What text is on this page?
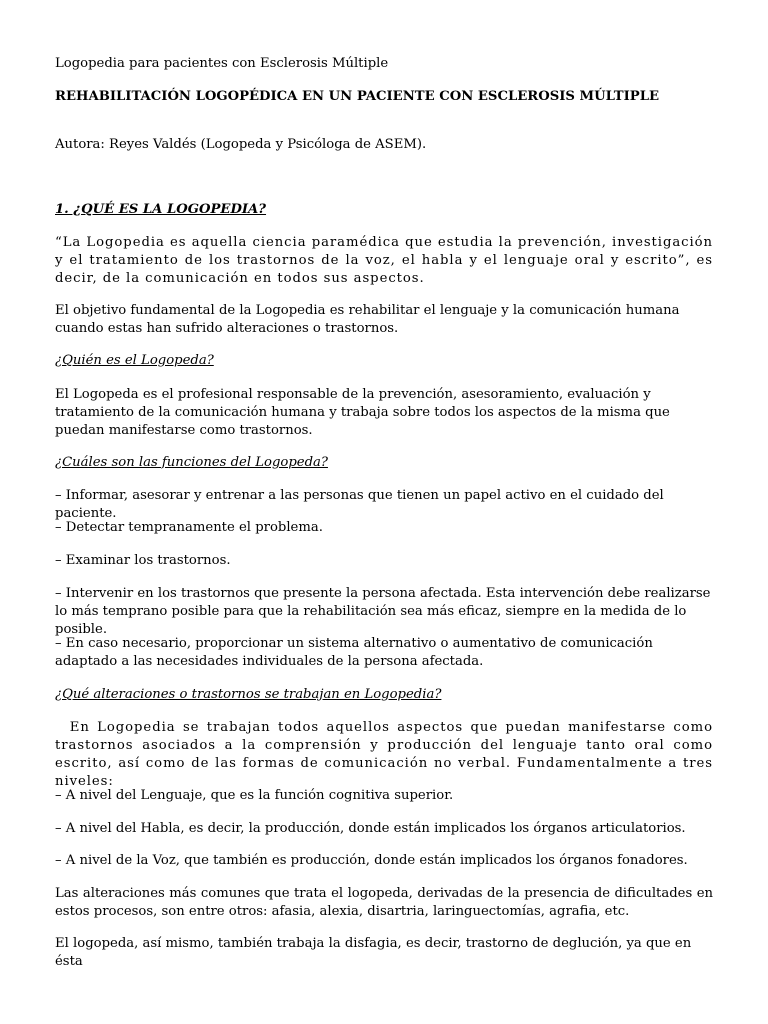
Logopedia para pacientes con Esclerosis Múltiple

REHABILITACIÓN LOGOPÉDICA EN UN PACIENTE CON ESCLEROSIS MÚLTIPLE

Autora: Reyes Valdés (Logopeda y Psicóloga de ASEM).

1. ¿QUÉ ES LA LOGOPEDIA?

“La Logopedia es aquella ciencia paramédica que estudia la prevención, investigación y el tratamiento de los trastornos de la voz, el habla y el lenguaje oral y escrito”, es decir, de la comunicación en todos sus aspectos.

El objetivo fundamental de la Logopedia es rehabilitar el lenguaje y la comunicación humana cuando estas han sufrido alteraciones o trastornos.

¿Quién es el Logopeda?

El Logopeda es el profesional responsable de la prevención, asesoramiento, evaluación y tratamiento de la comunicación humana y trabaja sobre todos los aspectos de la misma que puedan manifestarse como trastornos.

¿Cuáles son las funciones del Logopeda?

– Informar, asesorar y entrenar a las personas que tienen un papel activo en el cuidado del paciente.

– Detectar tempranamente el problema.

– Examinar los trastornos.

– Intervenir en los trastornos que presente la persona afectada. Esta intervención debe realizarse lo más temprano posible para que la rehabilitación sea más eficaz, siempre en la medida de lo posible.

– En caso necesario, proporcionar un sistema alternativo o aumentativo de comunicación adaptado a las necesidades individuales de la persona afectada.

¿Qué alteraciones o trastornos se trabajan en Logopedia?

En Logopedia se trabajan todos aquellos aspectos que puedan manifestarse como trastornos asociados a la comprensión y producción del lenguaje tanto oral como escrito, así como de las formas de comunicación no verbal. Fundamentalmente a tres niveles:

– A nivel del Lenguaje, que es la función cognitiva superior.

– A nivel del Habla, es decir, la producción, donde están implicados los órganos articulatorios.

– A nivel de la Voz, que también es producción, donde están implicados los órganos fonadores.

Las alteraciones más comunes que trata el logopeda, derivadas de la presencia de dificultades en estos procesos, son entre otros: afasia, alexia, disartria, laringuectomías, agrafia, etc.

El logopeda, así mismo, también trabaja la disfagia, es decir, trastorno de deglución, ya que en ésta
